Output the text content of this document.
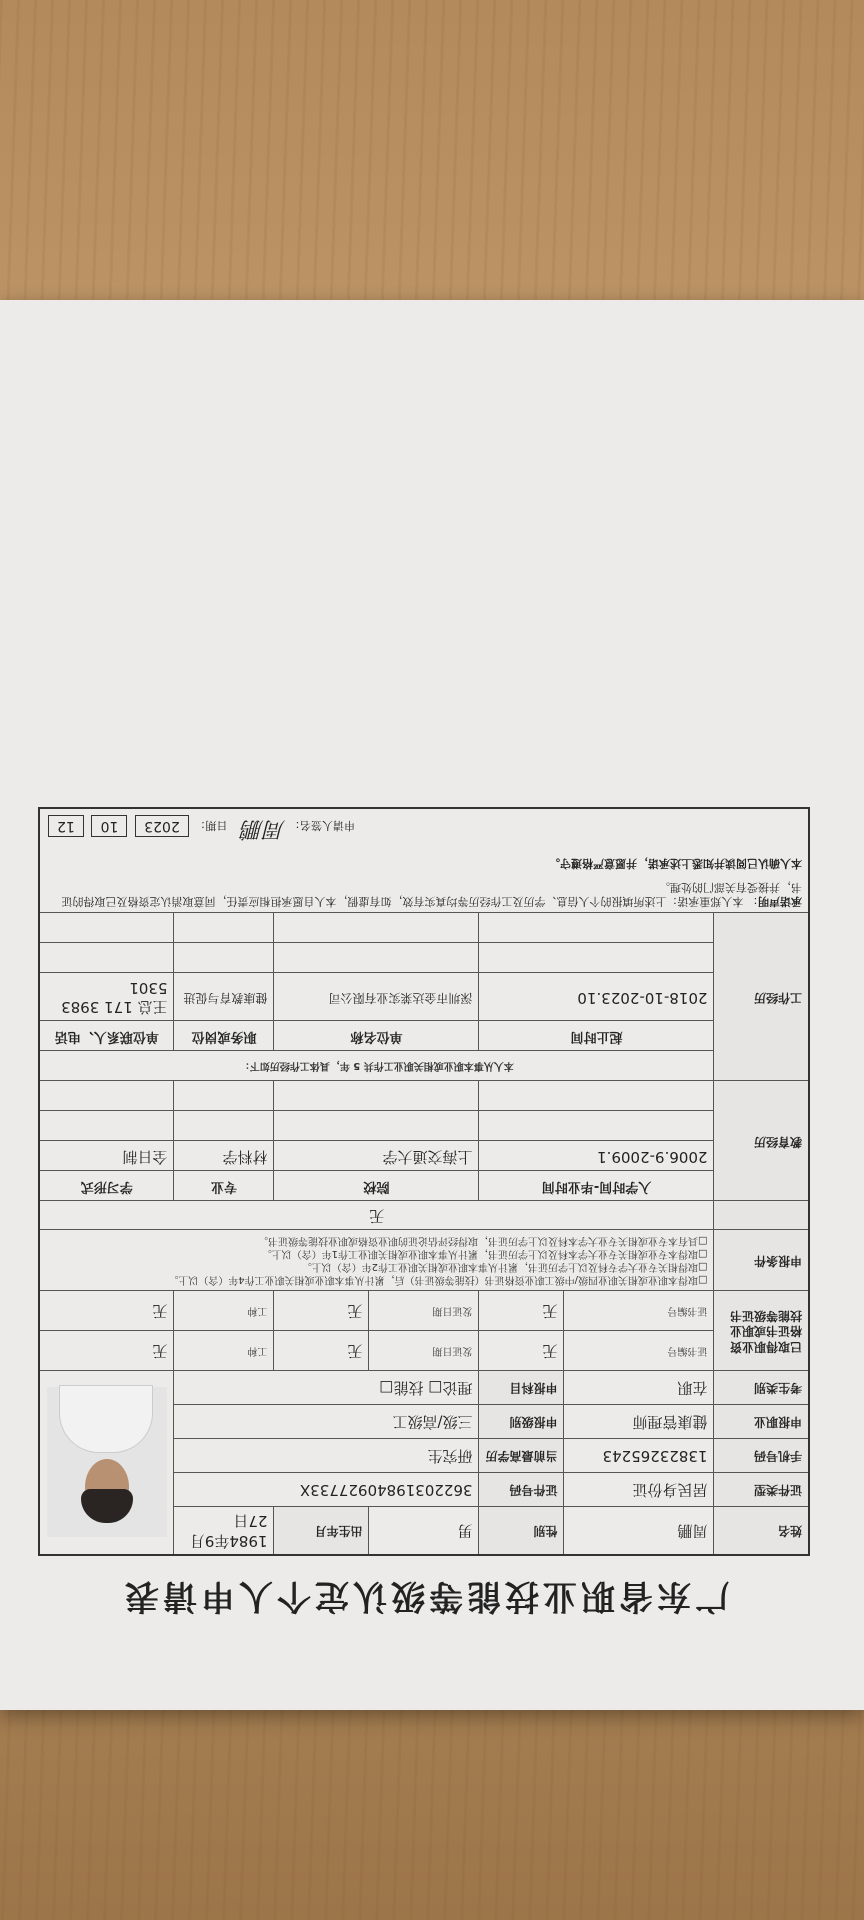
广东省职业技能等级认定个人申请表
姓名	周鹏	性别	男	出生年月	1984年9月27日	

证件类型	居民身份证	证件号码	36220319840927733X			
手机号码	13823265243	当前最高学历	研究生			
申报职业	健康管理师	申报级别	三级/高级工			
考生类别	在职	申报科目	理论□ 技能□			
已取得职业资格证书或职业技能等级证书	证书编号	无	发证日期	无	工种	无
	证书编号	无	发证日期	无	工种	无
申报条件	□取得本职业或相关职业四级/中级工职业资格证书（技能等级证书）后，累计从事本职业或相关职业工作4年（含）以上。
□取得相关专业大学专科及以上学历证书，累计从事本职业或相关职业工作2年（含）以上。
□取得本专业或相关专业大学本科及以上学历证书，累计从事本职业或相关职业工作1年（含）以上。
□具有本专业或相关专业大学本科及以上学历证书，取得经评估论证的职业资格或职业技能等级证书。					

	无					
教育经历	入学时间-毕业时间		院校		专业	学习形式
	2006.9-2009.1		上海交通大学		材料学	全日制

工作经历	本人从事本职业或相关职业工作共 5 年，具体工作经历如下：					
	起止时间		单位名称		职务或岗位	单位联系人、电话
	2018-10-2023.10		深圳市金达莱实业有限公司		健康教育与促进	王总 171 3983 5301

承诺声明： 本人郑重承诺：上述所填报的个人信息、学历及工作经历等均真实有效，如有虚假，本人自愿承担相应责任，同意取消认定资格及已取得的证书，并接受有关部门的处理。
本人确认已阅读并知悉上述承诺，并愿意严格遵守。
申请人签名： 周鹏    日期： 2023 10 12						
